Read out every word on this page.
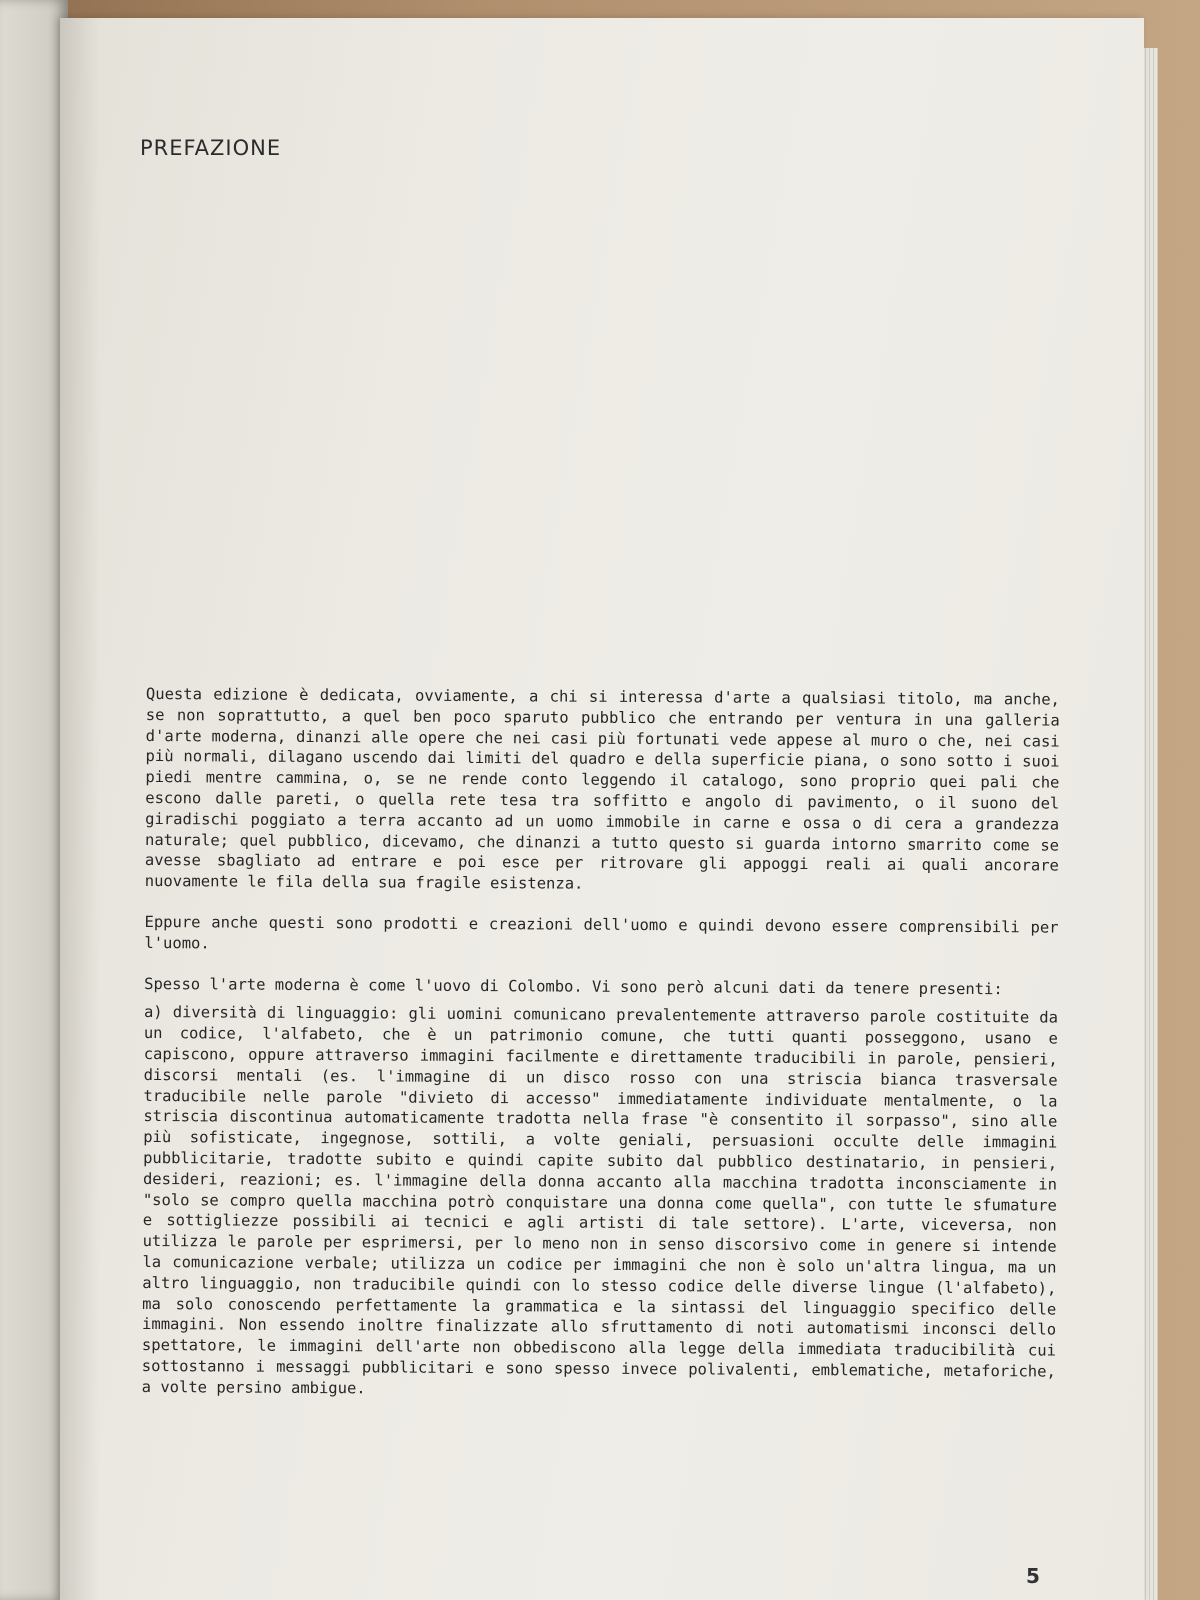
PREFAZIONE

Questa edizione è dedicata, ovviamente, a chi si interessa d'arte a qualsiasi titolo, ma anche, se non soprattutto, a quel ben poco sparuto pubblico che entrando per ventura in una galleria d'arte moderna, dinanzi alle opere che nei casi più fortunati vede appese al muro o che, nei casi più normali, dilagano uscendo dai limiti del quadro e della superficie piana, o sono sotto i suoi piedi mentre cammina, o, se ne rende conto leggendo il catalogo, sono proprio quei pali che escono dalle pareti, o quella rete tesa tra soffitto e angolo di pavimento, o il suono del giradischi poggiato a terra accanto ad un uomo immobile in carne e ossa o di cera a grandezza naturale; quel pubblico, dicevamo, che dinanzi a tutto questo si guarda intorno smarrito come se avesse sbagliato ad entrare e poi esce per ritrovare gli appoggi reali ai quali ancorare nuovamente le fila della sua fragile esistenza.

Eppure anche questi sono prodotti e creazioni dell'uomo e quindi devono essere comprensibili per l'uomo.

Spesso l'arte moderna è come l'uovo di Colombo. Vi sono però alcuni dati da tenere presenti:

a) diversità di linguaggio: gli uomini comunicano prevalentemente attraverso parole costituite da un codice, l'alfabeto, che è un patrimonio comune, che tutti quanti posseggono, usano e capiscono, oppure attraverso immagini facilmente e direttamente traducibili in parole, pensieri, discorsi mentali (es. l'immagine di un disco rosso con una striscia bianca trasversale traducibile nelle parole "divieto di accesso" immediatamente individuate mentalmente, o la striscia discontinua automaticamente tradotta nella frase "è consentito il sorpasso", sino alle più sofisticate, ingegnose, sottili, a volte geniali, persuasioni occulte delle immagini pubblicitarie, tradotte subito e quindi capite subito dal pubblico destinatario, in pensieri, desideri, reazioni; es. l'immagine della donna accanto alla macchina tradotta inconsciamente in "solo se compro quella macchina potrò conquistare una donna come quella", con tutte le sfumature e sottigliezze possibili ai tecnici e agli artisti di tale settore). L'arte, viceversa, non utilizza le parole per esprimersi, per lo meno non in senso discorsivo come in genere si intende la comunicazione verbale; utilizza un codice per immagini che non è solo un'altra lingua, ma un altro linguaggio, non traducibile quindi con lo stesso codice delle diverse lingue (l'alfabeto), ma solo conoscendo perfettamente la grammatica e la sintassi del linguaggio specifico delle immagini. Non essendo inoltre finalizzate allo sfruttamento di noti automatismi inconsci dello spettatore, le immagini dell'arte non obbediscono alla legge della immediata traducibilità cui sottostanno i messaggi pubblicitari e sono spesso invece polivalenti, emblematiche, metaforiche, a volte persino ambigue.

5
